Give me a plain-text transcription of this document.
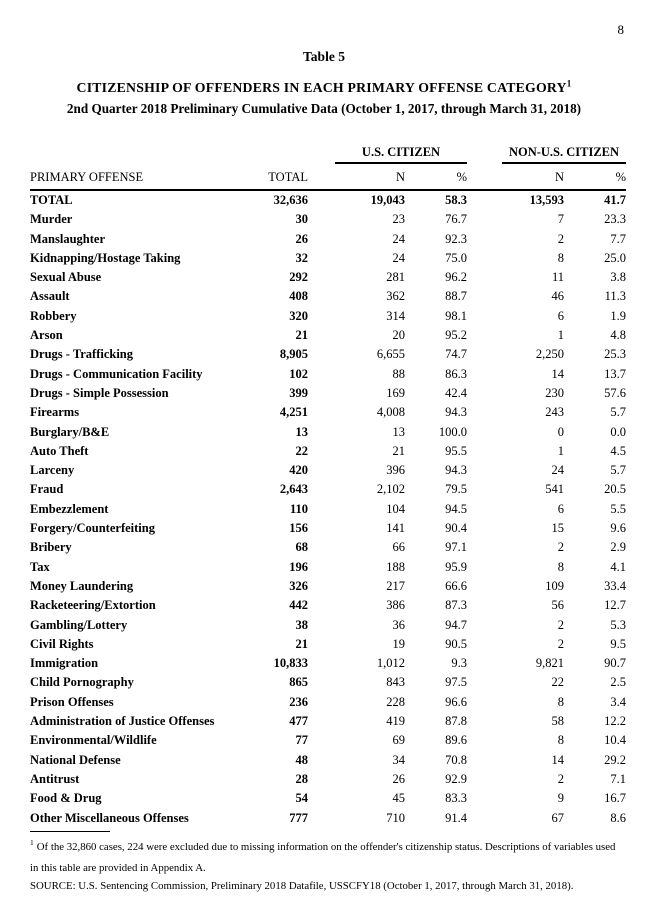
8
Table 5
CITIZENSHIP OF OFFENDERS IN EACH PRIMARY OFFENSE CATEGORY$^1$
2nd Quarter 2018 Preliminary Cumulative Data (October 1, 2017, through March 31, 2018)

		U.S. CITIZEN		NON-U.S. CITIZEN	

PRIMARY OFFENSE	TOTAL	N	%	N	%
TOTAL	32,636	19,043	58.3	13,593	41.7
Murder	30	23	76.7	7	23.3
Manslaughter	26	24	92.3	2	7.7
Kidnapping/Hostage Taking	32	24	75.0	8	25.0
Sexual Abuse	292	281	96.2	11	3.8
Assault	408	362	88.7	46	11.3
Robbery	320	314	98.1	6	1.9
Arson	21	20	95.2	1	4.8
Drugs - Trafficking	8,905	6,655	74.7	2,250	25.3
Drugs - Communication Facility	102	88	86.3	14	13.7
Drugs - Simple Possession	399	169	42.4	230	57.6
Firearms	4,251	4,008	94.3	243	5.7
Burglary/B&E	13	13	100.0	0	0.0
Auto Theft	22	21	95.5	1	4.5
Larceny	420	396	94.3	24	5.7
Fraud	2,643	2,102	79.5	541	20.5
Embezzlement	110	104	94.5	6	5.5
Forgery/Counterfeiting	156	141	90.4	15	9.6
Bribery	68	66	97.1	2	2.9
Tax	196	188	95.9	8	4.1
Money Laundering	326	217	66.6	109	33.4
Racketeering/Extortion	442	386	87.3	56	12.7
Gambling/Lottery	38	36	94.7	2	5.3
Civil Rights	21	19	90.5	2	9.5
Immigration	10,833	1,012	9.3	9,821	90.7
Child Pornography	865	843	97.5	22	2.5
Prison Offenses	236	228	96.6	8	3.4
Administration of Justice Offenses	477	419	87.8	58	12.2
Environmental/Wildlife	77	69	89.6	8	10.4
National Defense	48	34	70.8	14	29.2
Antitrust	28	26	92.9	2	7.1
Food & Drug	54	45	83.3	9	16.7
Other Miscellaneous Offenses	777	710	91.4	67	8.6
$^1$ Of the 32,860 cases, 224 were excluded due to missing information on the offender's citizenship status. Descriptions of variables used in this table are provided in Appendix A.
SOURCE: U.S. Sentencing Commission, Preliminary 2018 Datafile, USSCFY18 (October 1, 2017, through March 31, 2018).
